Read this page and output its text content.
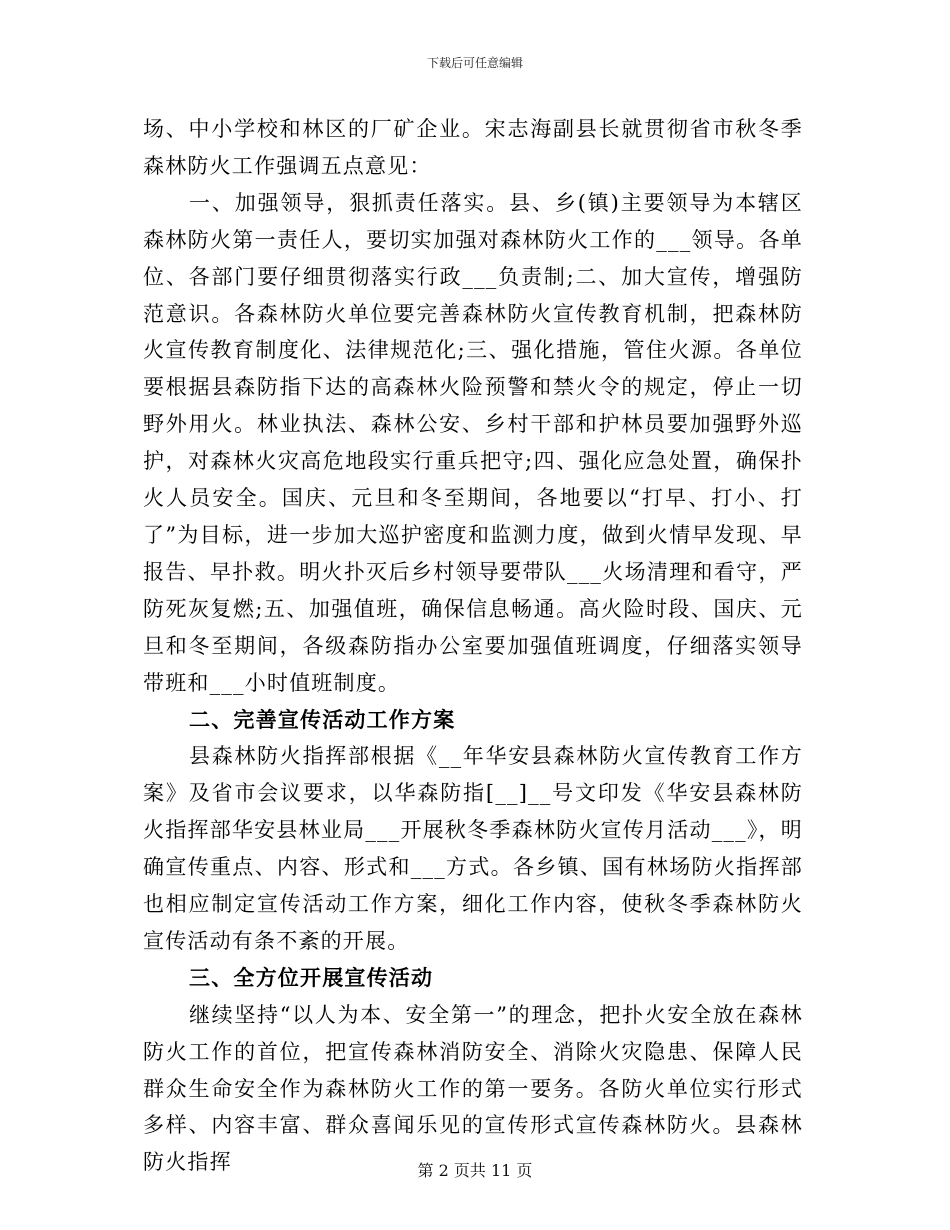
下载后可任意编辑

场、中小学校和林区的厂矿企业。宋志海副县长就贯彻省市秋冬季森林防火工作强调五点意见：

一、加强领导，狠抓责任落实。县、乡(镇)主要领导为本辖区森林防火第一责任人，要切实加强对森林防火工作的___领导。各单位、各部门要仔细贯彻落实行政___负责制;二、加大宣传，增强防范意识。各森林防火单位要完善森林防火宣传教育机制，把森林防火宣传教育制度化、法律规范化;三、强化措施，管住火源。各单位要根据县森防指下达的高森林火险预警和禁火令的规定，停止一切野外用火。林业执法、森林公安、乡村干部和护林员要加强野外巡护，对森林火灾高危地段实行重兵把守;四、强化应急处置，确保扑火人员安全。国庆、元旦和冬至期间，各地要以“打早、打小、打了”为目标，进一步加大巡护密度和监测力度，做到火情早发现、早报告、早扑救。明火扑灭后乡村领导要带队___火场清理和看守，严防死灰复燃;五、加强值班，确保信息畅通。高火险时段、国庆、元旦和冬至期间，各级森防指办公室要加强值班调度，仔细落实领导带班和___小时值班制度。

二、完善宣传活动工作方案

县森林防火指挥部根据《__年华安县森林防火宣传教育工作方案》及省市会议要求，以华森防指[__]__号文印发《华安县森林防火指挥部华安县林业局___开展秋冬季森林防火宣传月活动___》，明确宣传重点、内容、形式和___方式。各乡镇、国有林场防火指挥部也相应制定宣传活动工作方案，细化工作内容，使秋冬季森林防火宣传活动有条不紊的开展。

三、全方位开展宣传活动

继续坚持“以人为本、安全第一”的理念，把扑火安全放在森林防火工作的首位，把宣传森林消防安全、消除火灾隐患、保障人民群众生命安全作为森林防火工作的第一要务。各防火单位实行形式多样、内容丰富、群众喜闻乐见的宣传形式宣传森林防火。县森林防火指挥	第 2 页共 11 页
